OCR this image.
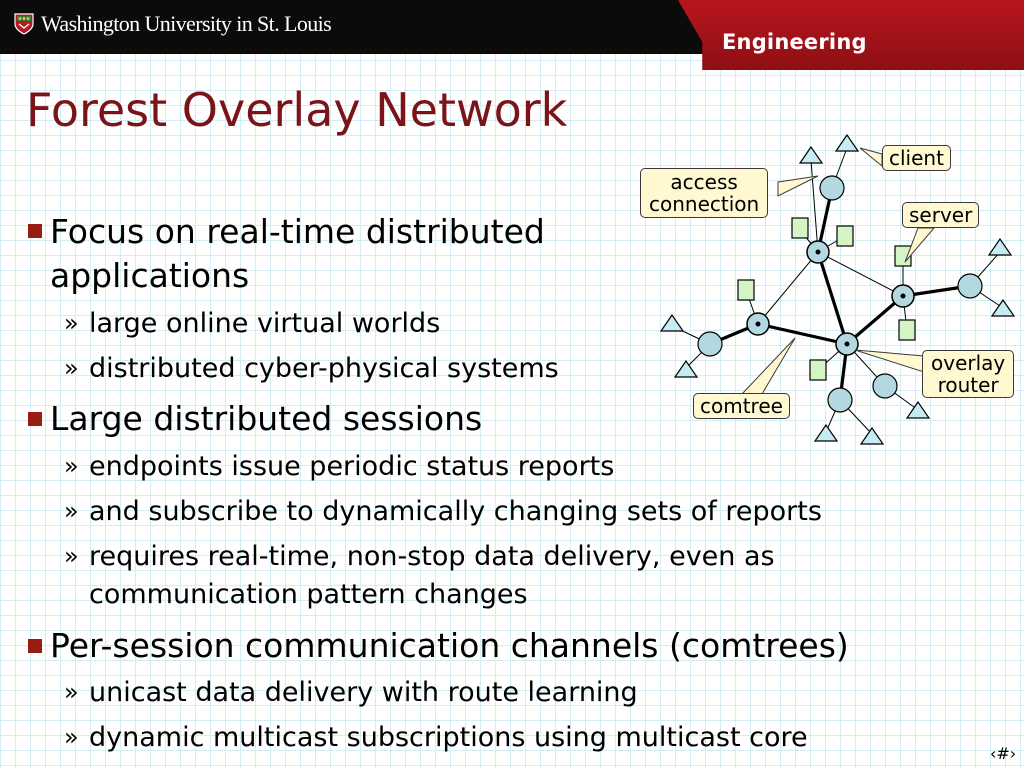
Washington University in St. Louis
Engineering
Forest Overlay Network
Focus on real-time distributed
applications
» large online virtual worlds
» distributed cyber-physical systems
Large distributed sessions
» endpoints issue periodic status reports
» and subscribe to dynamically changing sets of reports
» requires real-time, non-stop data delivery, even as
communication pattern changes
Per-session communication channels (comtrees)
» unicast data delivery with route learning
» dynamic multicast subscriptions using multicast core
client
access
connection	server
overlay
router
comtree
‹#›
